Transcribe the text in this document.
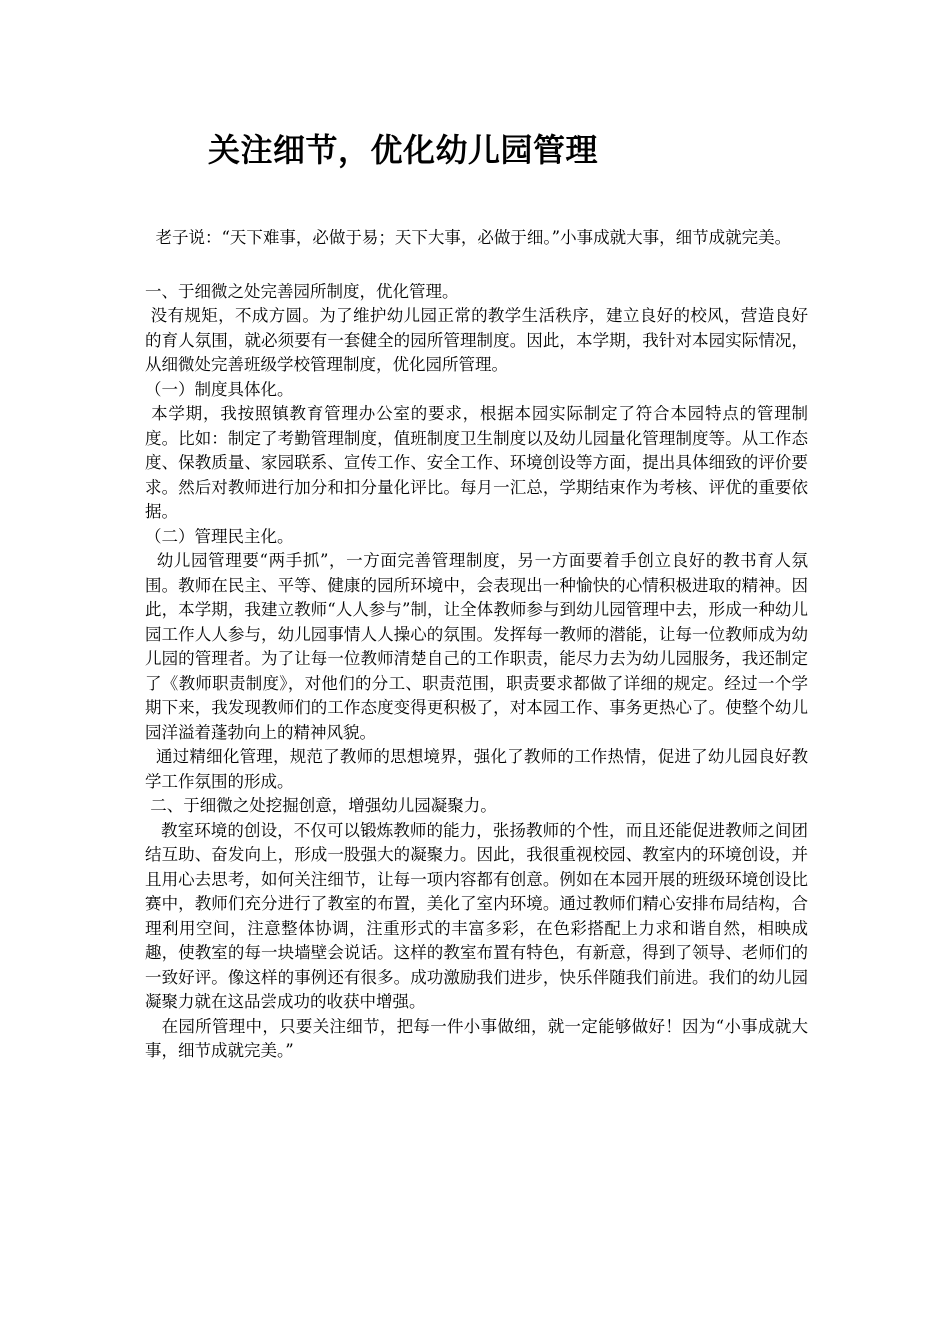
关注细节，优化幼儿园管理

老子说：“天下难事，必做于易；天下大事，必做于细。”小事成就大事，细节成就完美。

一、于细微之处完善园所制度，优化管理。

没有规矩，不成方圆。为了维护幼儿园正常的教学生活秩序，建立良好的校风，营造良好的育人氛围，就必须要有一套健全的园所管理制度。因此，本学期，我针对本园实际情况，从细微处完善班级学校管理制度，优化园所管理。

（一）制度具体化。

本学期，我按照镇教育管理办公室的要求，根据本园实际制定了符合本园特点的管理制度。比如：制定了考勤管理制度，值班制度卫生制度以及幼儿园量化管理制度等。从工作态度、保教质量、家园联系、宣传工作、安全工作、环境创设等方面，提出具体细致的评价要求。然后对教师进行加分和扣分量化评比。每月一汇总，学期结束作为考核、评优的重要依据。

（二）管理民主化。

幼儿园管理要“两手抓”，一方面完善管理制度，另一方面要着手创立良好的教书育人氛围。教师在民主、平等、健康的园所环境中，会表现出一种愉快的心情积极进取的精神。因此，本学期，我建立教师“人人参与”制，让全体教师参与到幼儿园管理中去，形成一种幼儿园工作人人参与，幼儿园事情人人操心的氛围。发挥每一教师的潜能，让每一位教师成为幼儿园的管理者。为了让每一位教师清楚自己的工作职责，能尽力去为幼儿园服务，我还制定了《教师职责制度》，对他们的分工、职责范围，职责要求都做了详细的规定。经过一个学期下来，我发现教师们的工作态度变得更积极了，对本园工作、事务更热心了。使整个幼儿园洋溢着蓬勃向上的精神风貌。

通过精细化管理，规范了教师的思想境界，强化了教师的工作热情，促进了幼儿园良好教学工作氛围的形成。

二、于细微之处挖掘创意，增强幼儿园凝聚力。

教室环境的创设，不仅可以锻炼教师的能力，张扬教师的个性，而且还能促进教师之间团结互助、奋发向上，形成一股强大的凝聚力。因此，我很重视校园、教室内的环境创设，并且用心去思考，如何关注细节，让每一项内容都有创意。例如在本园开展的班级环境创设比赛中，教师们充分进行了教室的布置，美化了室内环境。通过教师们精心安排布局结构，合理利用空间，注意整体协调，注重形式的丰富多彩，在色彩搭配上力求和谐自然，相映成趣，使教室的每一块墙壁会说话。这样的教室布置有特色，有新意，得到了领导、老师们的一致好评。像这样的事例还有很多。成功激励我们进步，快乐伴随我们前进。我们的幼儿园凝聚力就在这品尝成功的收获中增强。

在园所管理中，只要关注细节，把每一件小事做细，就一定能够做好！因为“小事成就大事，细节成就完美。”
